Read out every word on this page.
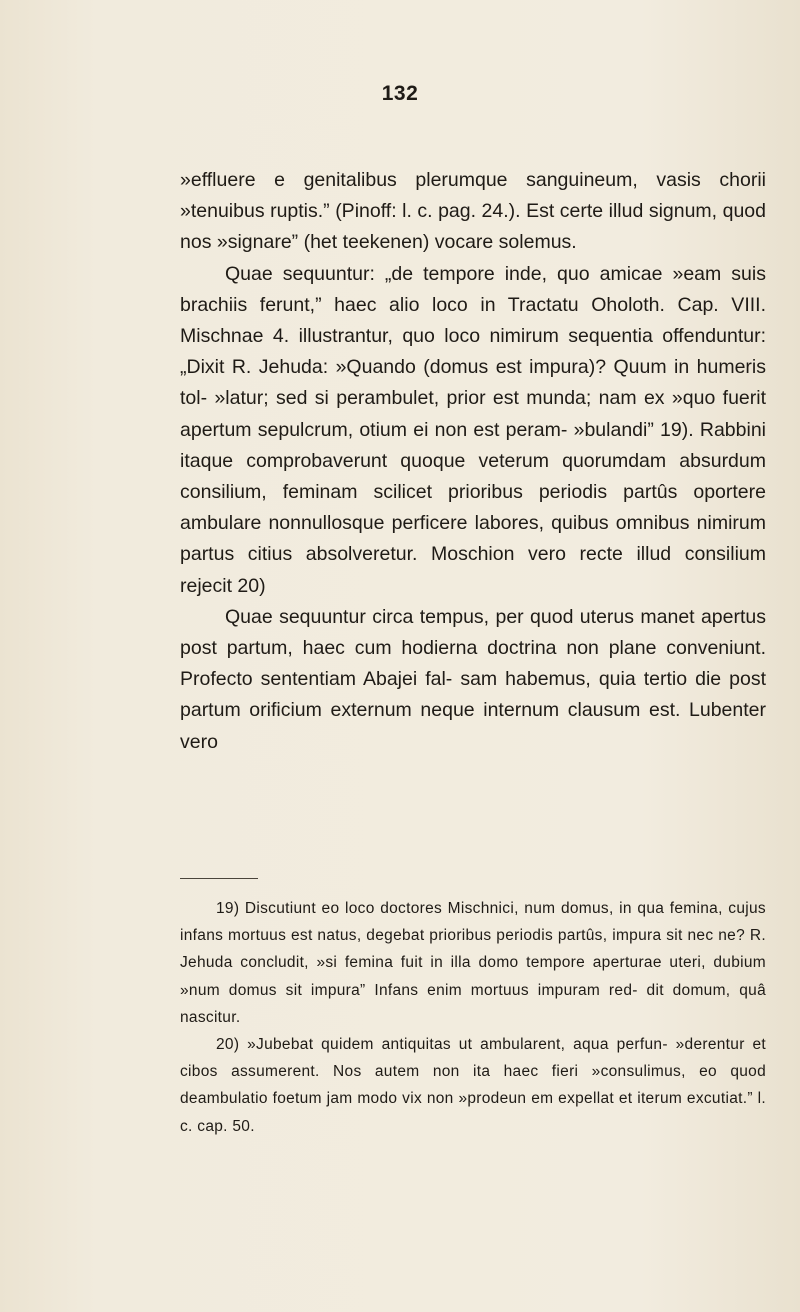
132

»effluere e genitalibus plerumque sanguineum, vasis chorii »tenuibus ruptis.” (Pinoff: l. c. pag. 24.). Est certe illud signum, quod nos »signare” (het teekenen) vocare solemus.

Quae sequuntur: „de tempore inde, quo amicae »eam suis brachiis ferunt,” haec alio loco in Tractatu Oholoth. Cap. VIII. Mischnae 4. illustrantur, quo loco nimirum sequentia offenduntur: „Dixit R. Jehuda: »Quando (domus est impura)? Quum in humeris tol- »latur; sed si perambulet, prior est munda; nam ex »quo fuerit apertum sepulcrum, otium ei non est peram- »bulandi” 19). Rabbini itaque comprobaverunt quoque veterum quorumdam absurdum consilium, feminam scilicet prioribus periodis partûs oportere ambulare nonnullosque perficere labores, quibus omnibus nimirum partus citius absolveretur. Moschion vero recte illud consilium rejecit 20)

Quae sequuntur circa tempus, per quod uterus manet apertus post partum, haec cum hodierna doctrina non plane conveniunt. Profecto sententiam Abajei fal- sam habemus, quia tertio die post partum orificium externum neque internum clausum est. Lubenter vero

19) Discutiunt eo loco doctores Mischnici, num domus, in qua femina, cujus infans mortuus est natus, degebat prioribus periodis partûs, impura sit nec ne? R. Jehuda concludit, »si femina fuit in illa domo tempore aperturae uteri, dubium »num domus sit impura” Infans enim mortuus impuram red- dit domum, quâ nascitur.

20) »Jubebat quidem antiquitas ut ambularent, aqua perfun- »derentur et cibos assumerent. Nos autem non ita haec fieri »consulimus, eo quod deambulatio foetum jam modo vix non »prodeun em expellat et iterum excutiat.” l. c. cap. 50.
